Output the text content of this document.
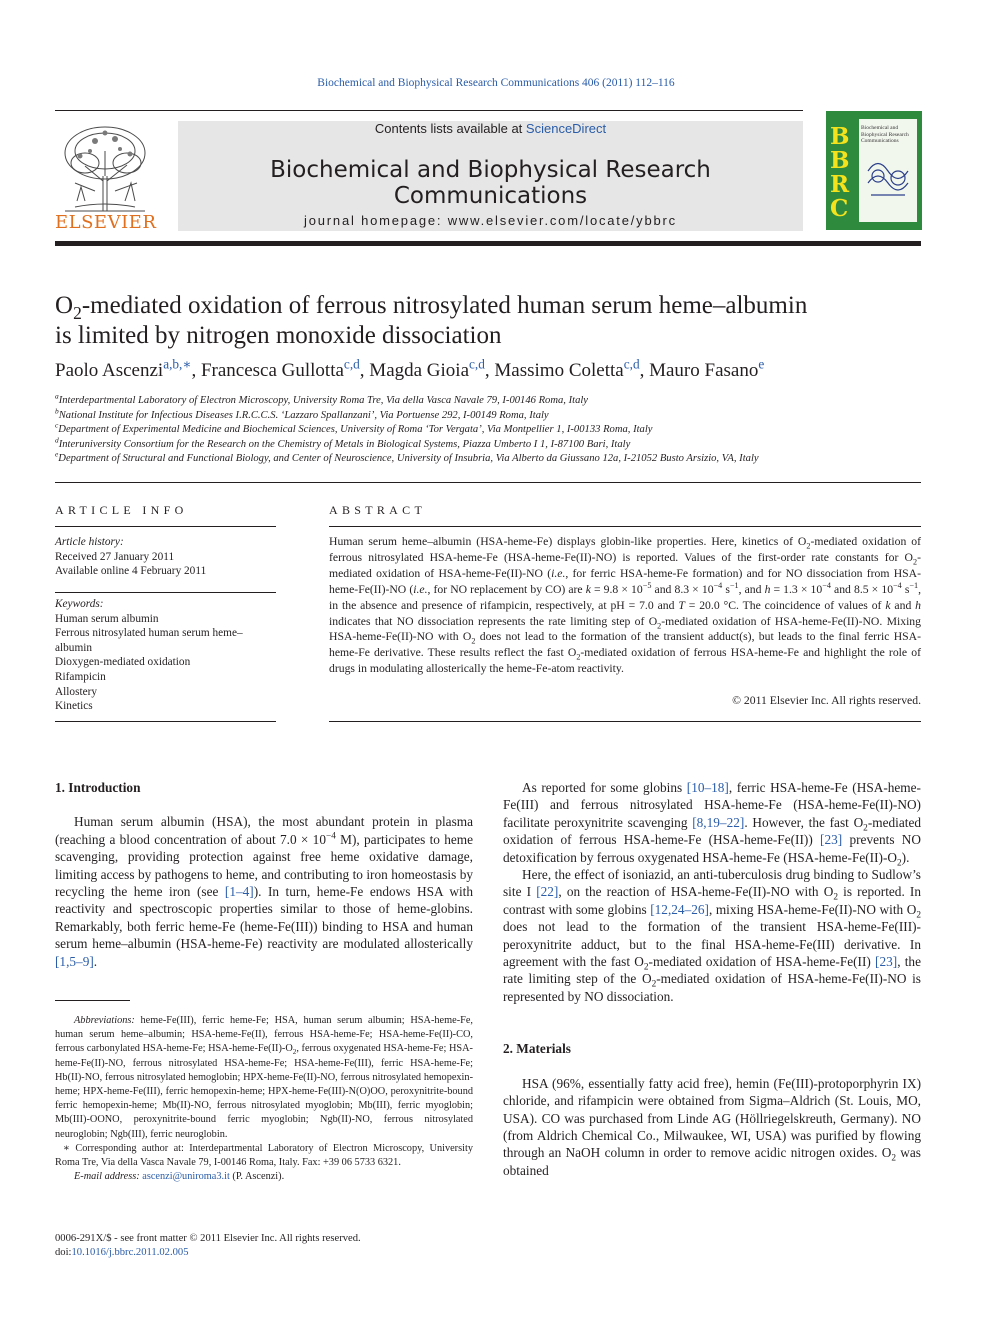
Biochemical and Biophysical Research Communications 406 (2011) 112–116
ELSEVIER
Contents lists available at ScienceDirect
Biochemical and Biophysical Research Communications
journal homepage: www.elsevier.com/locate/ybbrc
B
B
R
C
Biochemical and Biophysical Research Communications
$O_2$-mediated oxidation of ferrous nitrosylated human serum heme–albumin
is limited by nitrogen monoxide dissociation
Paolo Ascenzi$^{a,b,∗}$, Francesca Gullotta$^{c,d}$, Magda Gioia$^{c,d}$, Massimo Coletta$^{c,d}$, Mauro Fasano$^e$
$^a$Interdepartmental Laboratory of Electron Microscopy, University Roma Tre, Via della Vasca Navale 79, I-00146 Roma, Italy
$^b$National Institute for Infectious Diseases I.R.C.C.S. ‘Lazzaro Spallanzani’, Via Portuense 292, I-00149 Roma, Italy
$^c$Department of Experimental Medicine and Biochemical Sciences, University of Roma ‘Tor Vergata’, Via Montpellier 1, I-00133 Roma, Italy
$^d$Interuniversity Consortium for the Research on the Chemistry of Metals in Biological Systems, Piazza Umberto I 1, I-87100 Bari, Italy
$^e$Department of Structural and Functional Biology, and Center of Neuroscience, University of Insubria, Via Alberto da Giussano 12a, I-21052 Busto Arsizio, VA, Italy
ARTICLE INFO
Article history:
Received 27 January 2011
Available online 4 February 2011
Keywords:
Human serum albumin
Ferrous nitrosylated human serum heme–
albumin
Dioxygen-mediated oxidation
Rifampicin
Allostery
Kinetics
ABSTRACT
Human serum heme–albumin (HSA-heme-Fe) displays globin-like properties. Here, kinetics of $O_2$-mediated oxidation of ferrous nitrosylated HSA-heme-Fe (HSA-heme-Fe(II)-NO) is reported. Values of the first-order rate constants for $O_2$-mediated oxidation of HSA-heme-Fe(II)-NO (i.e., for ferric HSA-heme-Fe formation) and for NO dissociation from HSA-heme-Fe(II)-NO (i.e., for NO replacement by CO) are $k = 9.8 \times 10^{-5}$ and $8.3 \times 10^{-4}$ $s^{-1}$, and $h = 1.3 \times 10^{-4}$ and $8.5 \times 10^{-4}$ $s^{-1}$, in the absence and presence of rifampicin, respectively, at pH = 7.0 and T = 20.0 °C. The coincidence of values of k and h indicates that NO dissociation represents the rate limiting step of $O_2$-mediated oxidation of HSA-heme-Fe(II)-NO. Mixing HSA-heme-Fe(II)-NO with $O_2$ does not lead to the formation of the transient adduct(s), but leads to the final ferric HSA-heme-Fe derivative. These results reflect the fast $O_2$-mediated oxidation of ferrous HSA-heme-Fe and highlight the role of drugs in modulating allosterically the heme-Fe-atom reactivity.
© 2011 Elsevier Inc. All rights reserved.
1. Introduction

Human serum albumin (HSA), the most abundant protein in plasma (reaching a blood concentration of about $7.0 \times 10^{-4}$ M), participates to heme scavenging, providing protection against free heme oxidative damage, limiting access by pathogens to heme, and contributing to iron homeostasis by recycling the heme iron (see [1–4]). In turn, heme-Fe endows HSA with reactivity and spectroscopic properties similar to those of heme-globins. Remarkably, both ferric heme-Fe (heme-Fe(III)) binding to HSA and human serum heme–albumin (HSA-heme-Fe) reactivity are modulated allosterically [1,5–9].

Abbreviations: heme-Fe(III), ferric heme-Fe; HSA, human serum albumin; HSA-heme-Fe, human serum heme–albumin; HSA-heme-Fe(II), ferrous HSA-heme-Fe; HSA-heme-Fe(II)-CO, ferrous carbonylated HSA-heme-Fe; HSA-$heme-Fe(II)-O_2$, ferrous oxygenated HSA-heme-Fe; HSA-heme-Fe(II)-NO, ferrous nitrosylated HSA-heme-Fe; HSA-heme-Fe(III), ferric HSA-heme-Fe; Hb(II)-NO, ferrous nitrosylated hemoglobin; HPX-heme-Fe(II)-NO, ferrous nitrosylated hemopexin-heme; HPX-heme-Fe(III), ferric hemopexin-heme; HPX-heme-Fe(III)-N(O)OO, peroxynitrite-bound ferric hemopexin-heme; Mb(II)-NO, ferrous nitrosylated myoglobin; Mb(III), ferric myoglobin; Mb(III)-OONO, peroxynitrite-bound ferric myoglobin; Ngb(II)-NO, ferrous nitrosylated neuroglobin; Ngb(III), ferric neuroglobin.
∗ Corresponding author at: Interdepartmental Laboratory of Electron Microscopy, University Roma Tre, Via della Vasca Navale 79, I-00146 Roma, Italy. Fax: +39 06 5733 6321.
E-mail address: ascenzi@uniroma3.it (P. Ascenzi).
0006-291X/$ - see front matter © 2011 Elsevier Inc. All rights reserved.
doi:10.1016/j.bbrc.2011.02.005

As reported for some globins [10–18], ferric HSA-heme-Fe (HSA-heme-Fe(III) and ferrous nitrosylated HSA-heme-Fe (HSA-heme-Fe(II)-NO) facilitate peroxynitrite scavenging [8,19–22]. However, the fast $O_2$-mediated oxidation of ferrous HSA-heme-Fe (HSA-heme-Fe(II)) [23] prevents NO detoxification by ferrous oxygenated HSA-heme-Fe $(HSA-heme-Fe(II)-O_2)$.

Here, the effect of isoniazid, an anti-tuberculosis drug binding to Sudlow’s site I [22], on the reaction of HSA-heme-Fe(II)-NO with $O_2$ is reported. In contrast with some globins [12,24–26], mixing HSA-heme-Fe(II)-NO with $O_2$ does not lead to the formation of the transient HSA-heme-Fe(III)-peroxynitrite adduct, but to the final HSA-heme-Fe(III) derivative. In agreement with the fast $O_2$-mediated oxidation of HSA-heme-Fe(II) [23], the rate limiting step of the $O_2$-mediated oxidation of HSA-heme-Fe(II)-NO is represented by NO dissociation.

2. Materials

HSA (96%, essentially fatty acid free), hemin (Fe(III)-protoporphyrin IX) chloride, and rifampicin were obtained from Sigma–Aldrich (St. Louis, MO, USA). CO was purchased from Linde AG (Höllriegelskreuth, Germany). NO (from Aldrich Chemical Co., Milwaukee, WI, USA) was purified by flowing through an NaOH column in order to remove acidic nitrogen oxides. $O_2$ was obtained
